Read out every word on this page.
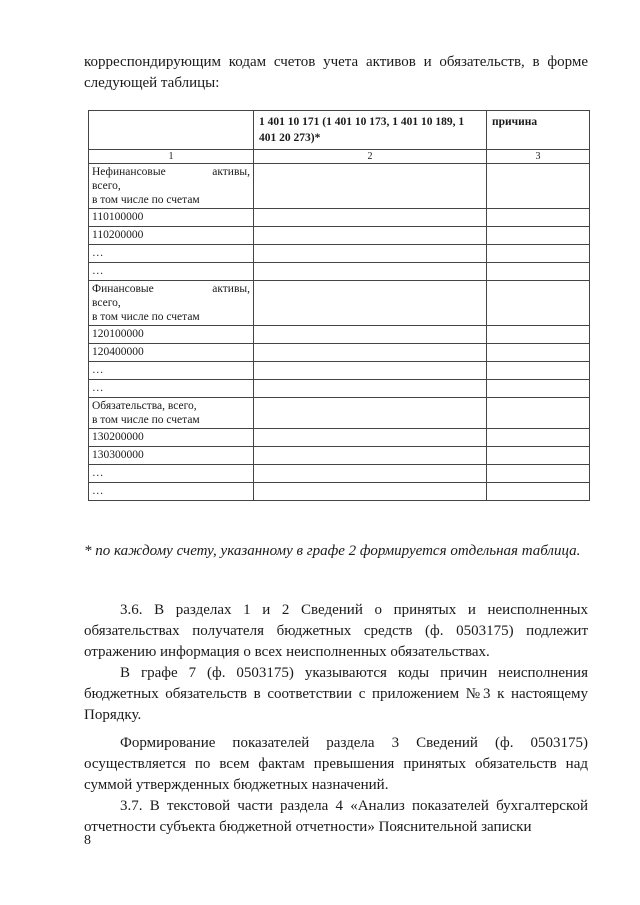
корреспондирующим кодам счетов учета активов и обязательств, в форме следующей таблицы:

	1 401 10 171 (1 401 10 173, 1 401 10 189, 1 401 20 273)*	причина
1	2	3

Нефинансовые активы,
всего,
в том числе по счетам		

110100000		
110200000		
…		
…		

Финансовые активы,
всего,
в том числе по счетам		

120100000		
120400000		
…		
…		

Обязательства, всего,
в том числе по счетам		

130200000		
130300000		
…		
…		

* по каждому счету, указанному в графе 2 формируется отдельная таблица.

3.6. В разделах 1 и 2 Сведений о принятых и неисполненных обязательствах получателя бюджетных средств (ф. 0503175) подлежит отражению информация о всех неисполненных обязательствах.

В графе 7 (ф. 0503175) указываются коды причин неисполнения бюджетных обязательств в соответствии с приложением №3 к настоящему Порядку.

Формирование показателей раздела 3 Сведений (ф. 0503175) осуществляется по всем фактам превышения принятых обязательств над суммой утвержденных бюджетных назначений.

3.7. В текстовой части раздела 4 «Анализ показателей бухгалтерской отчетности субъекта бюджетной отчетности» Пояснительной записки

8
